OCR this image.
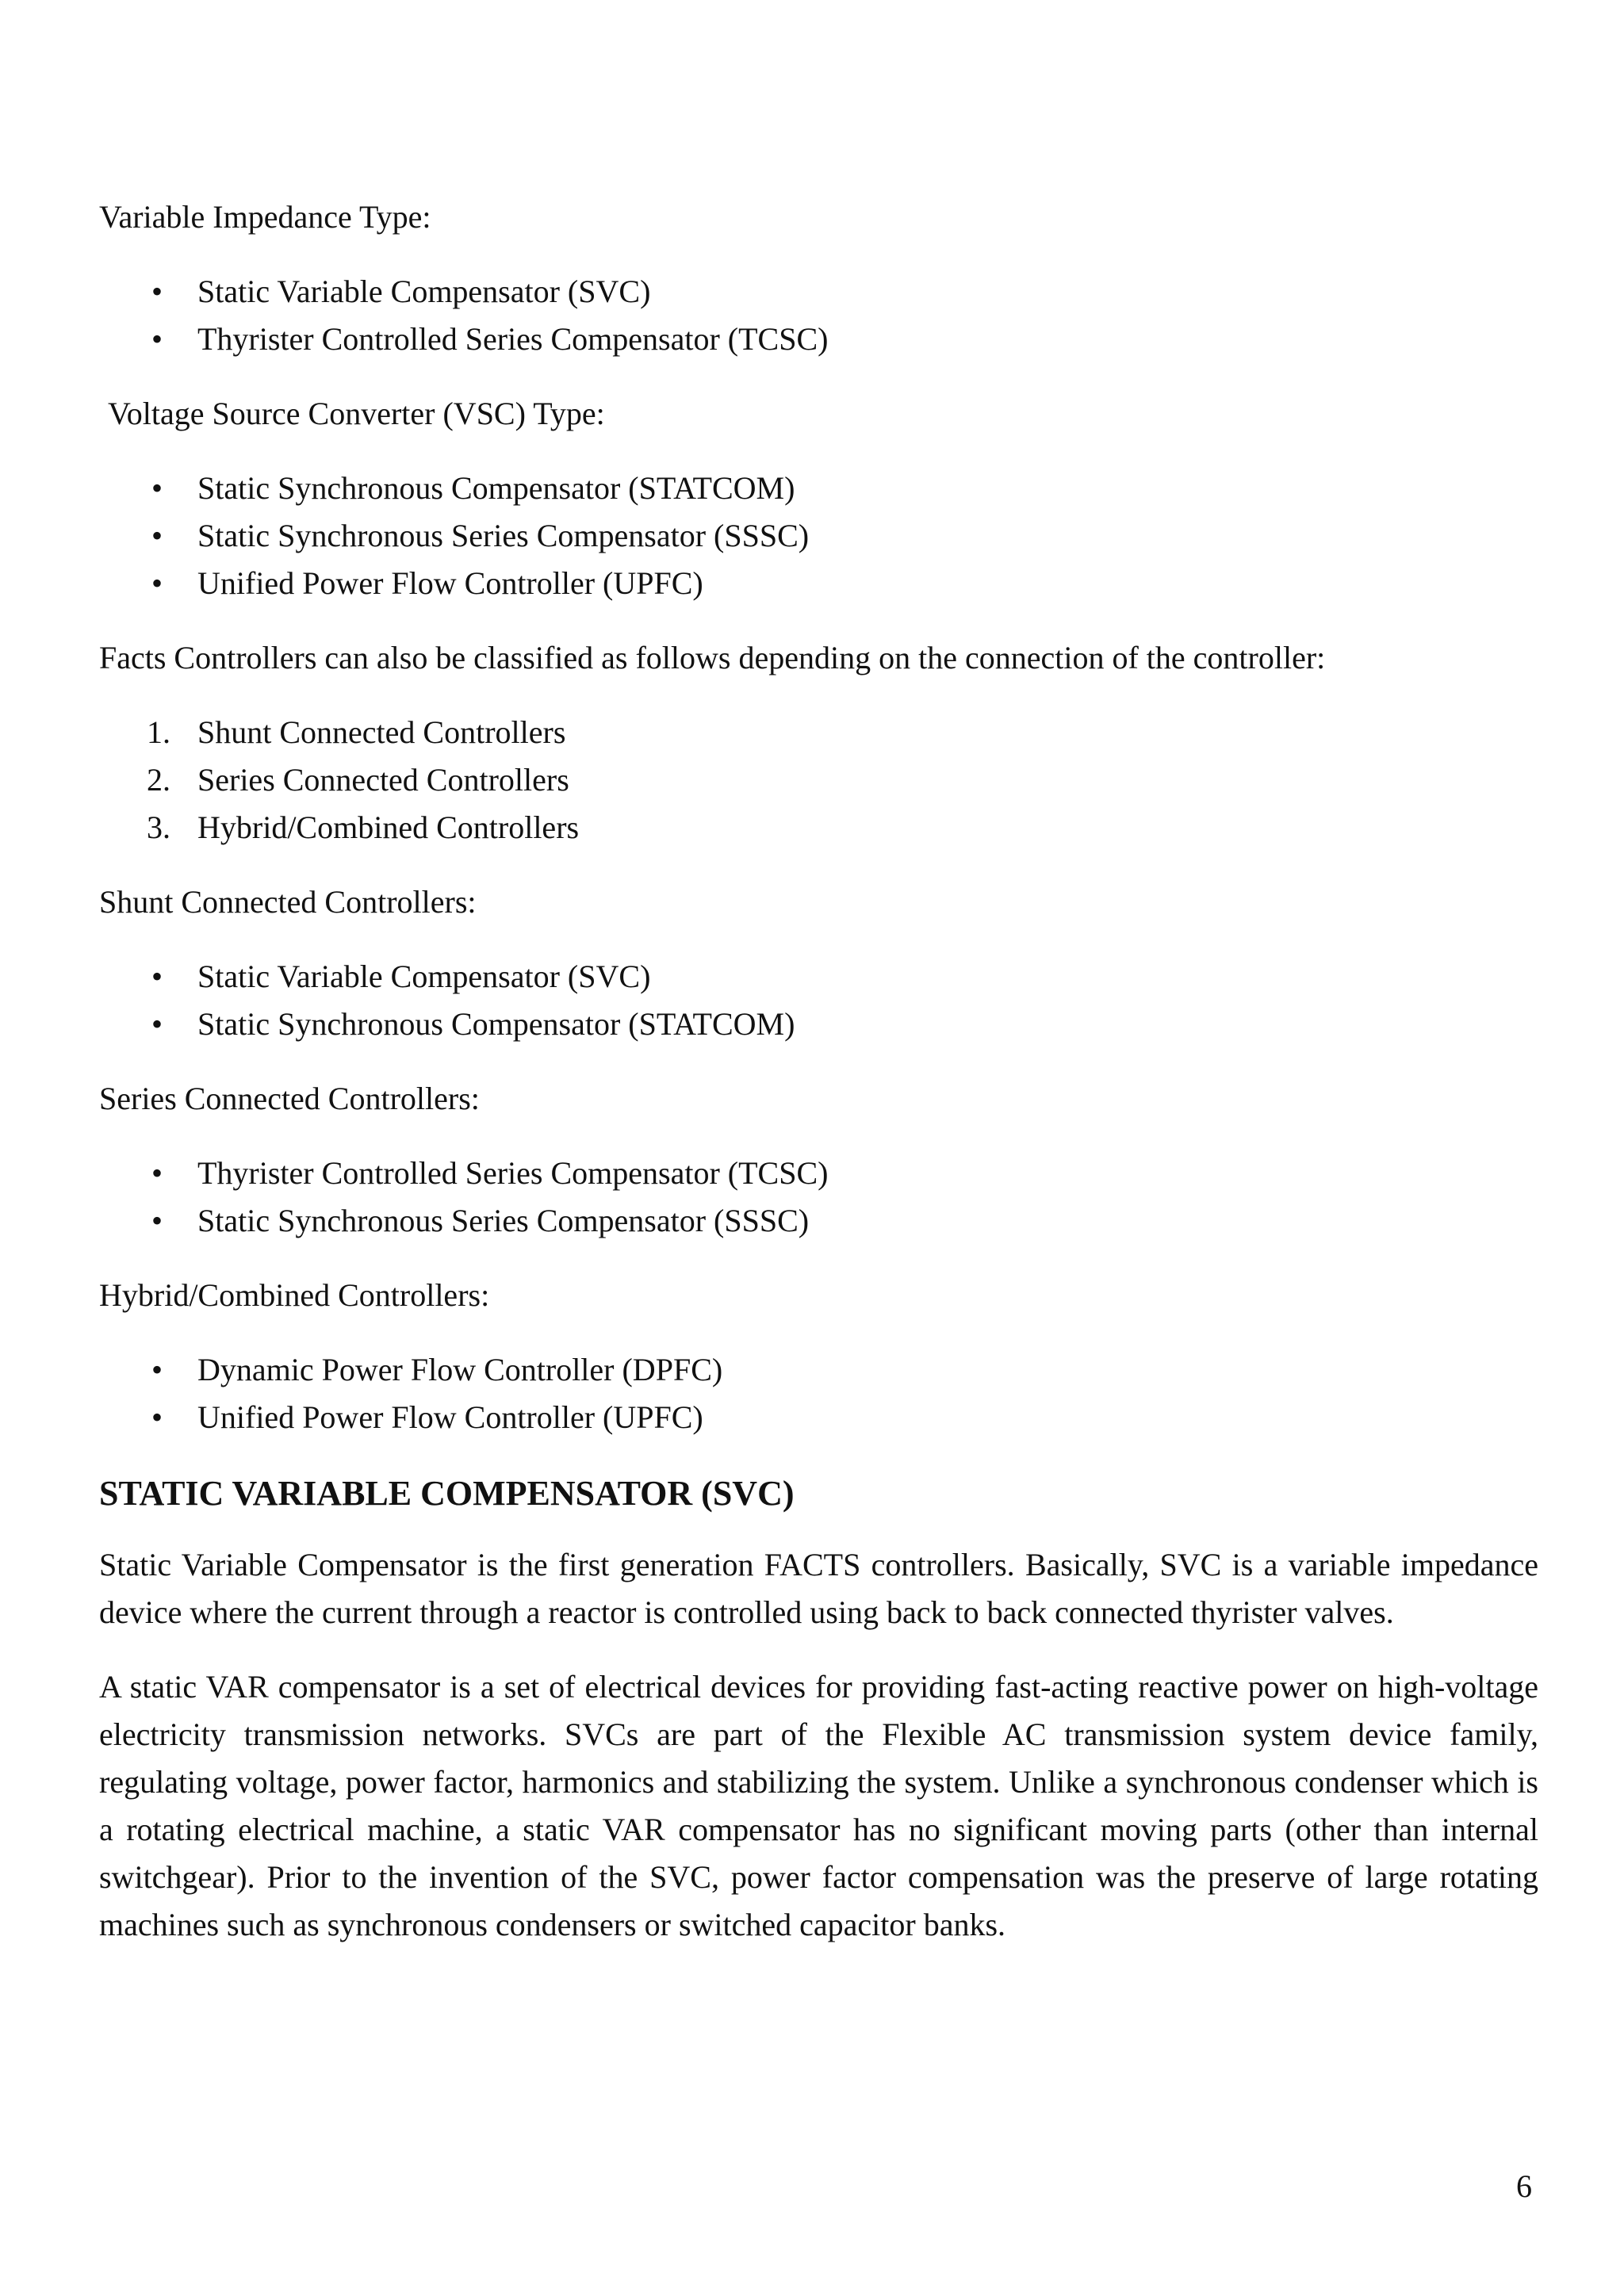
Variable Impedance Type:

• Static Variable Compensator (SVC)
• Thyrister Controlled Series Compensator (TCSC)

Voltage Source Converter (VSC) Type:

• Static Synchronous Compensator (STATCOM)
• Static Synchronous Series Compensator (SSSC)
• Unified Power Flow Controller (UPFC)

Facts Controllers can also be classified as follows depending on the connection of the controller:

1. Shunt Connected Controllers
2. Series Connected Controllers
3. Hybrid/Combined Controllers

Shunt Connected Controllers:

• Static Variable Compensator (SVC)
• Static Synchronous Compensator (STATCOM)

Series Connected Controllers:

• Thyrister Controlled Series Compensator (TCSC)
• Static Synchronous Series Compensator (SSSC)

Hybrid/Combined Controllers:

• Dynamic Power Flow Controller (DPFC)
• Unified Power Flow Controller (UPFC)
STATIC VARIABLE COMPENSATOR (SVC)

Static Variable Compensator is the first generation FACTS controllers. Basically, SVC is a variable impedance device where the current through a reactor is controlled using back to back connected thyrister valves.

A static VAR compensator is a set of electrical devices for providing fast-acting reactive power on high-voltage electricity transmission networks. SVCs are part of the Flexible AC transmission system device family, regulating voltage, power factor, harmonics and stabilizing the system. Unlike a synchronous condenser which is a rotating electrical machine, a static VAR compensator has no significant moving parts (other than internal switchgear). Prior to the invention of the SVC, power factor compensation was the preserve of large rotating machines such as synchronous condensers or switched capacitor banks.

6
